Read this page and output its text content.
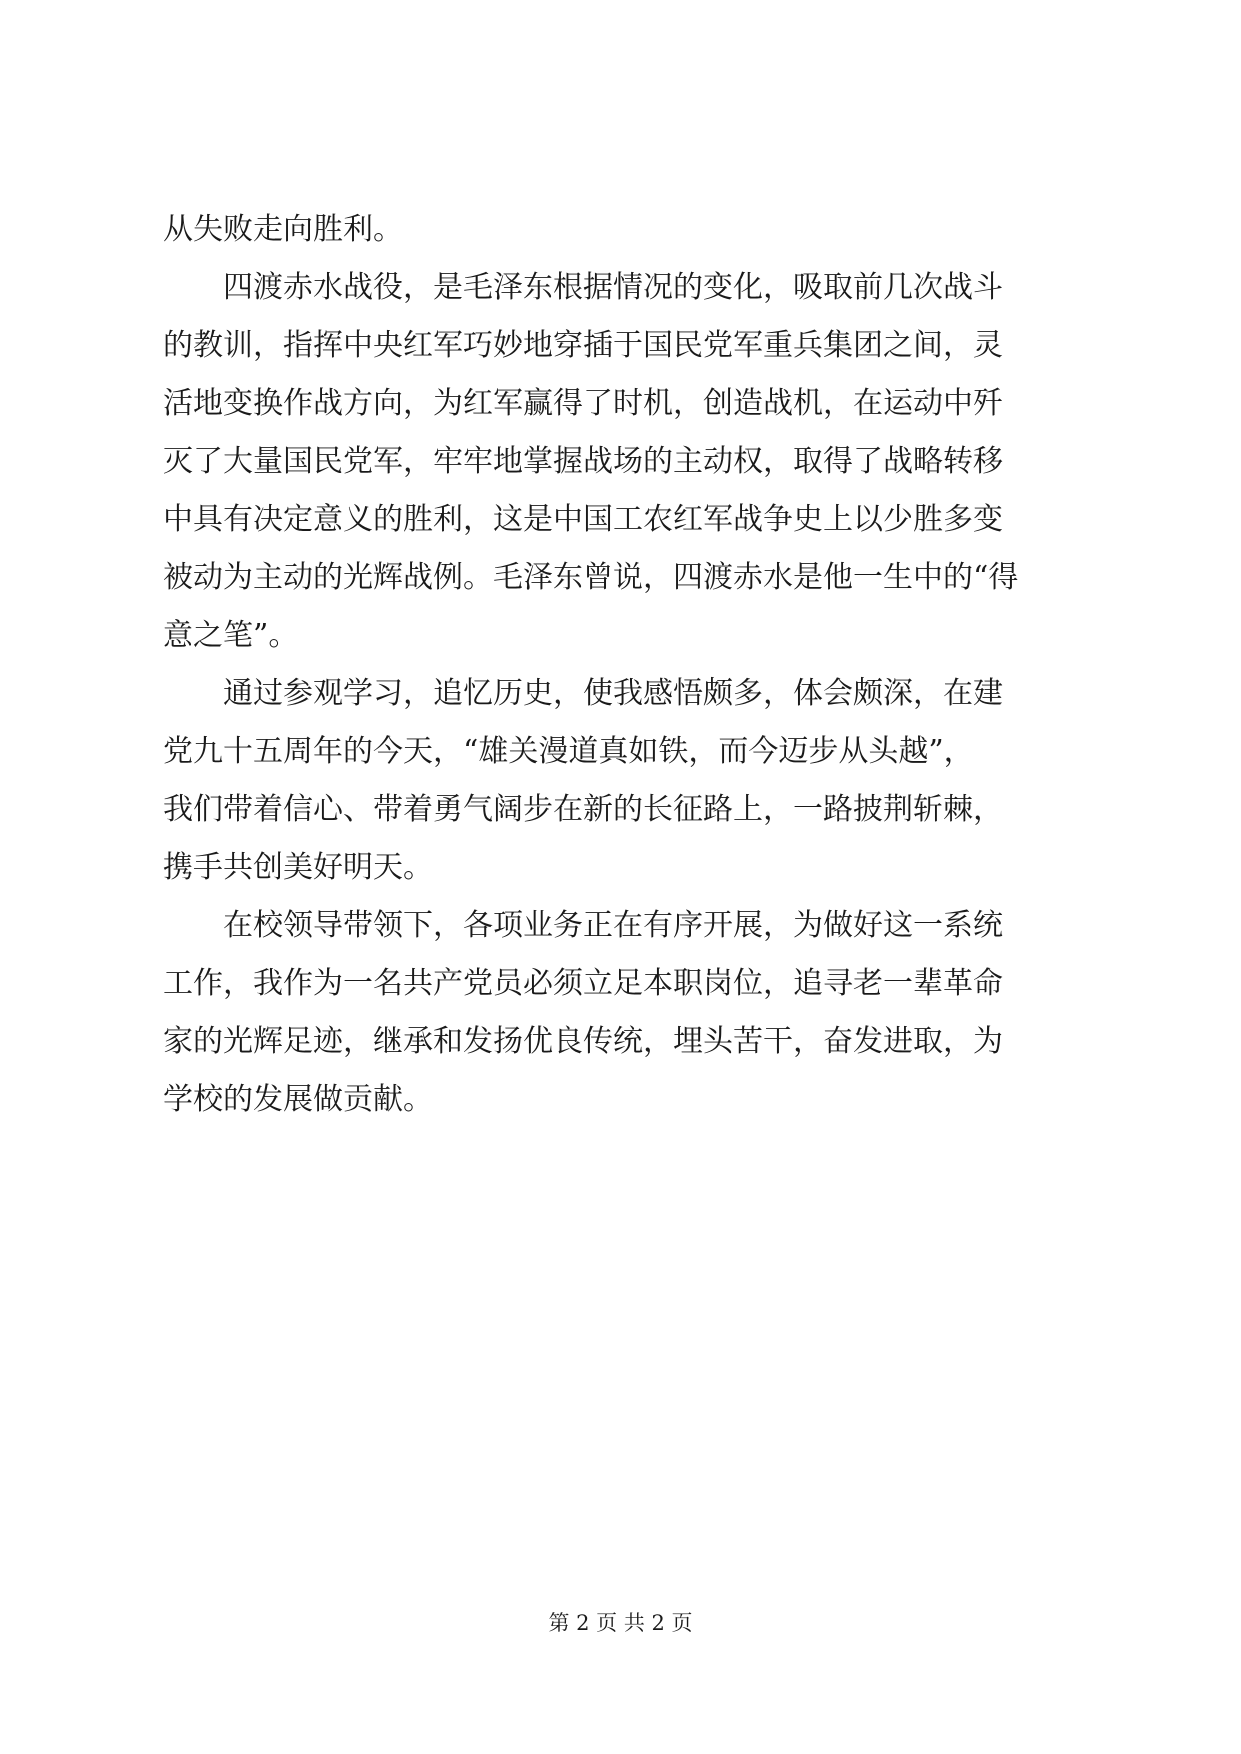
从失败走向胜利。
四渡赤水战役，是毛泽东根据情况的变化，吸取前几次战斗
的教训，指挥中央红军巧妙地穿插于国民党军重兵集团之间，灵
活地变换作战方向，为红军赢得了时机，创造战机，在运动中歼
灭了大量国民党军，牢牢地掌握战场的主动权，取得了战略转移
中具有决定意义的胜利，这是中国工农红军战争史上以少胜多变
被动为主动的光辉战例。毛泽东曾说，四渡赤水是他一生中的“得
意之笔”。
通过参观学习，追忆历史，使我感悟颇多，体会颇深，在建
党九十五周年的今天，“雄关漫道真如铁，而今迈步从头越”，
我们带着信心、带着勇气阔步在新的长征路上，一路披荆斩棘，
携手共创美好明天。
在校领导带领下，各项业务正在有序开展，为做好这一系统
工作，我作为一名共产党员必须立足本职岗位，追寻老一辈革命
家的光辉足迹，继承和发扬优良传统，埋头苦干，奋发进取，为
学校的发展做贡献。
第 2 页 共 2 页
